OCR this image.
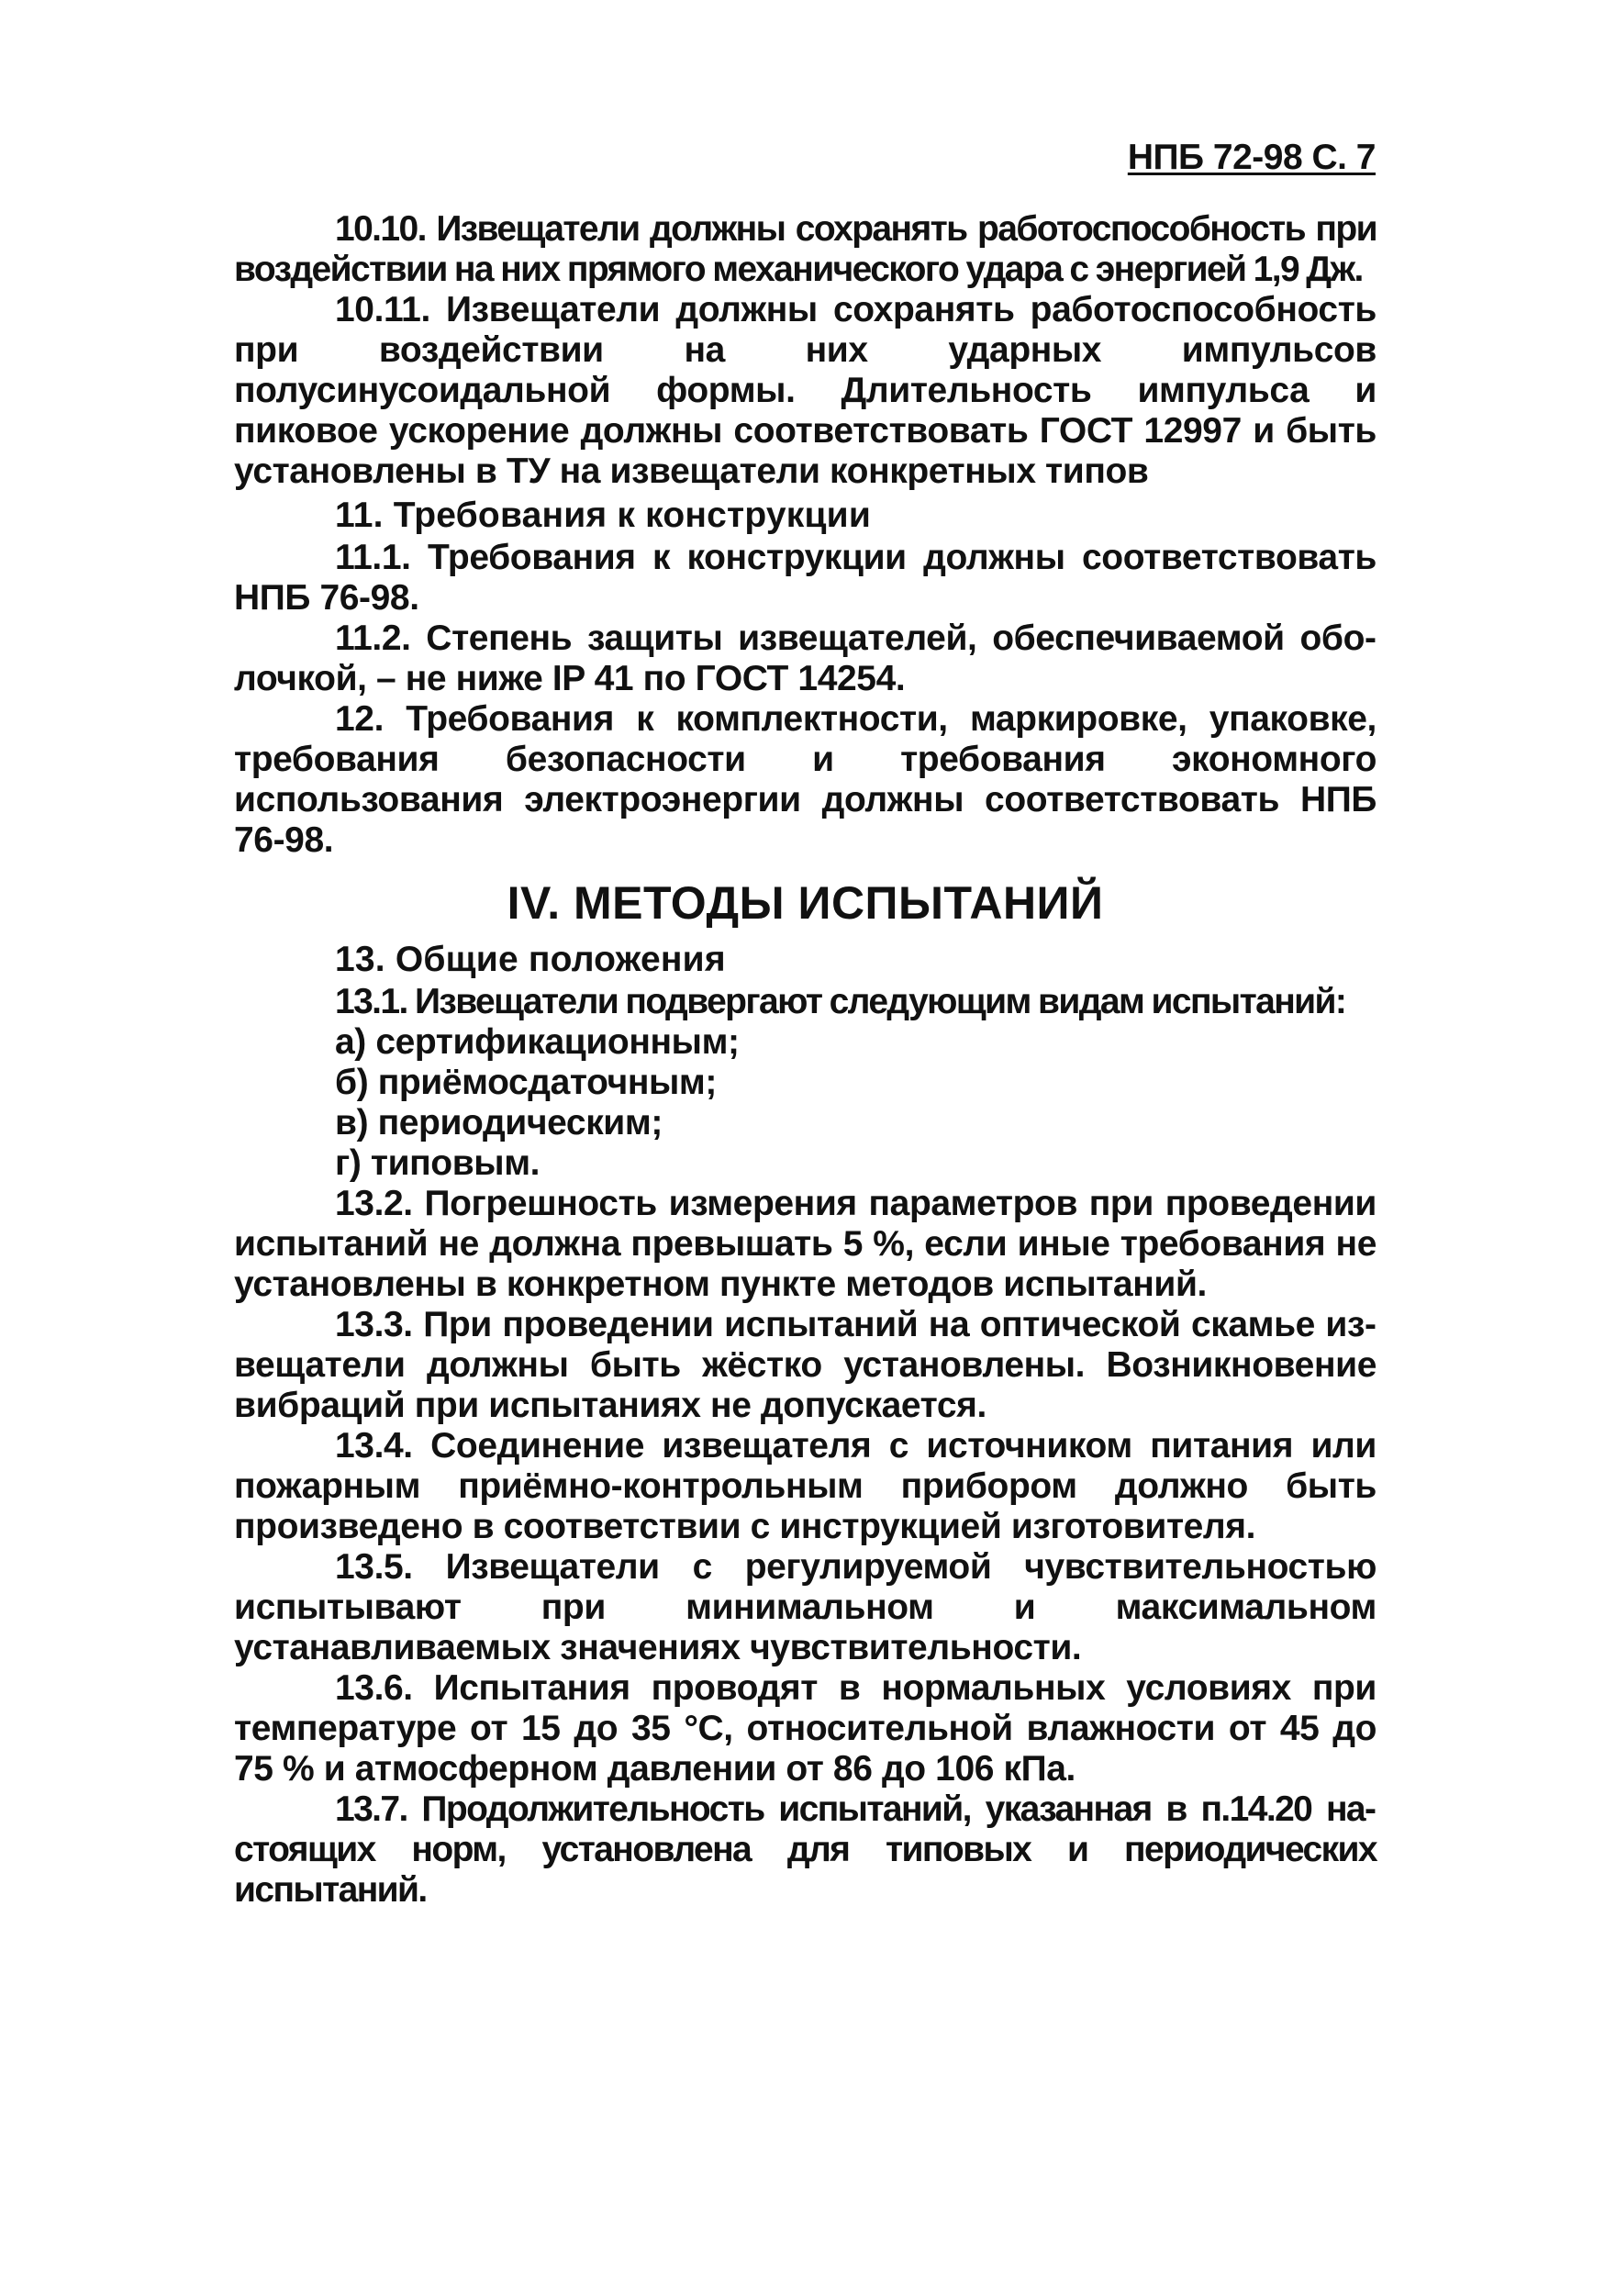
НПБ 72-98 С. 7

10.10. Извещатели должны сохранять работоспособность при воздействии на них прямого механического удара с энергией 1,9 Дж.

10.11. Извещатели должны сохранять работоспособность при воздействии на них ударных импульсов полусинусоидальной формы. Длительность импульса и пиковое ускорение должны соответствовать ГОСТ 12997 и быть установлены в ТУ на извещатели конкретных типов

11. Требования к конструкции

11.1. Требования к конструкции должны соответствовать НПБ 76-98.

11.2. Степень защиты извещателей, обеспечиваемой оболочкой, – не ниже IP 41 по ГОСТ 14254.

12. Требования к комплектности, маркировке, упаковке, требования безопасности и требования экономного использования электроэнергии должны соответствовать НПБ 76-98.

IV. МЕТОДЫ ИСПЫТАНИЙ

13. Общие положения

13.1. Извещатели подвергают следующим видам испытаний:

а) сертификационным;

б) приёмосдаточным;

в) периодическим;

г) типовым.

13.2. Погрешность измерения параметров при проведении испытаний не должна превышать 5 %, если иные требования не установлены в конкретном пункте методов испытаний.

13.3. При проведении испытаний на оптической скамье извещатели должны быть жёстко установлены. Возникновение вибраций при испытаниях не допускается.

13.4. Соединение извещателя с источником питания или пожарным приёмно-контрольным прибором должно быть произведено в соответствии с инструкцией изготовителя.

13.5. Извещатели с регулируемой чувствительностью испытывают при минимальном и максимальном устанавливаемых значениях чувствительности.

13.6. Испытания проводят в нормальных условиях при температуре от 15 до 35 °С, относительной влажности от 45 до 75 % и атмосферном давлении от 86 до 106 кПа.

13.7. Продолжительность испытаний, указанная в п.14.20 настоящих норм, установлена для типовых и периодических испытаний.
